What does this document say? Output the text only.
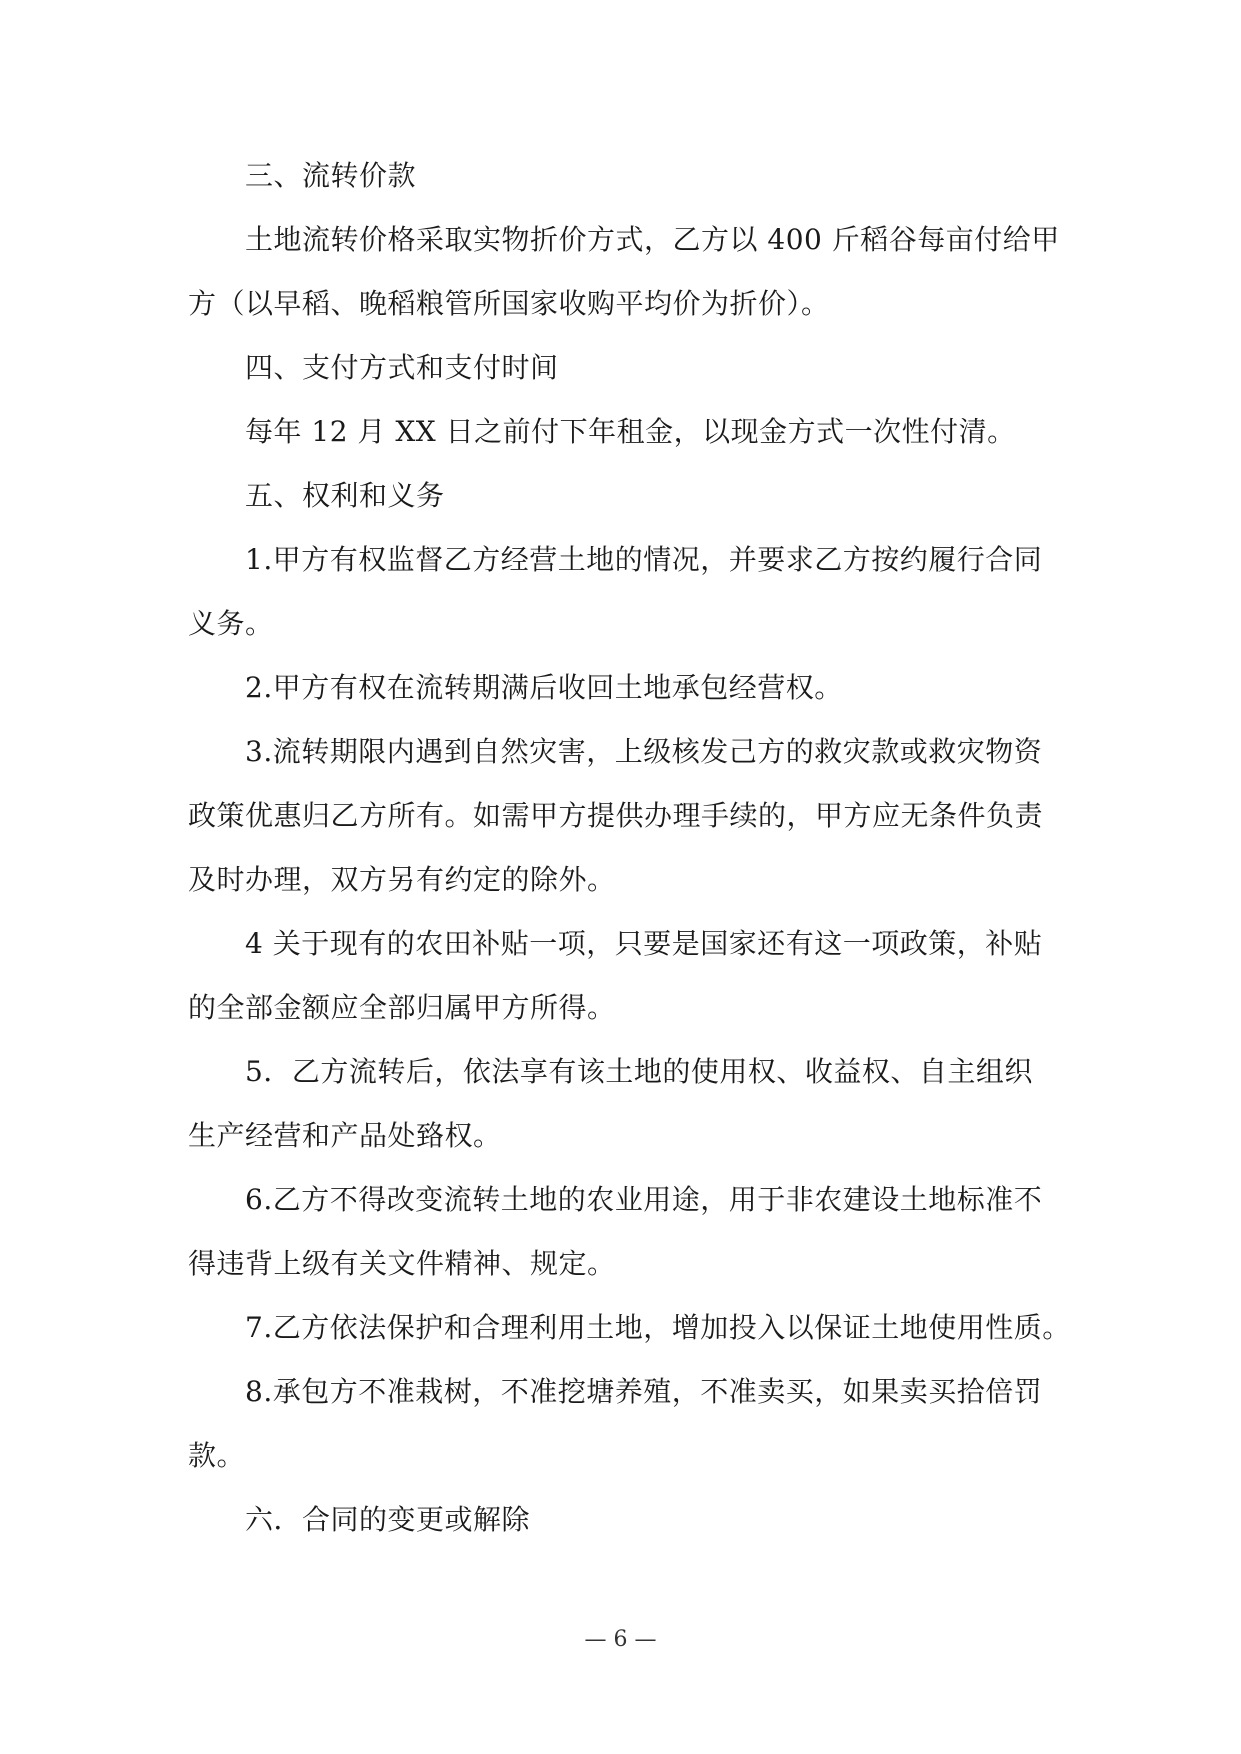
三、流转价款
土地流转价格采取实物折价方式，乙方以 400 斤稻谷每亩付给甲
方（以早稻、晚稻粮管所国家收购平均价为折价）。
四、支付方式和支付时间
每年 12 月 XX 日之前付下年租金，以现金方式一次性付清。
五、权利和义务
1.甲方有权监督乙方经营土地的情况，并要求乙方按约履行合同
义务。
2.甲方有权在流转期满后收回土地承包经营权。
3.流转期限内遇到自然灾害，上级核发己方的救灾款或救灾物资
政策优惠归乙方所有。如需甲方提供办理手续的，甲方应无条件负责
及时办理，双方另有约定的除外。
4 关于现有的农田补贴一项，只要是国家还有这一项政策，补贴
的全部金额应全部归属甲方所得。
5．乙方流转后，依法享有该土地的使用权、收益权、自主组织
生产经营和产品处臵权。
6.乙方不得改变流转土地的农业用途，用于非农建设土地标准不
得违背上级有关文件精神、规定。
7.乙方依法保护和合理利用土地，增加投入以保证土地使用性质。
8.承包方不准栽树，不准挖塘养殖，不准卖买，如果卖买拾倍罚
款。
六．合同的变更或解除
— 6 —
